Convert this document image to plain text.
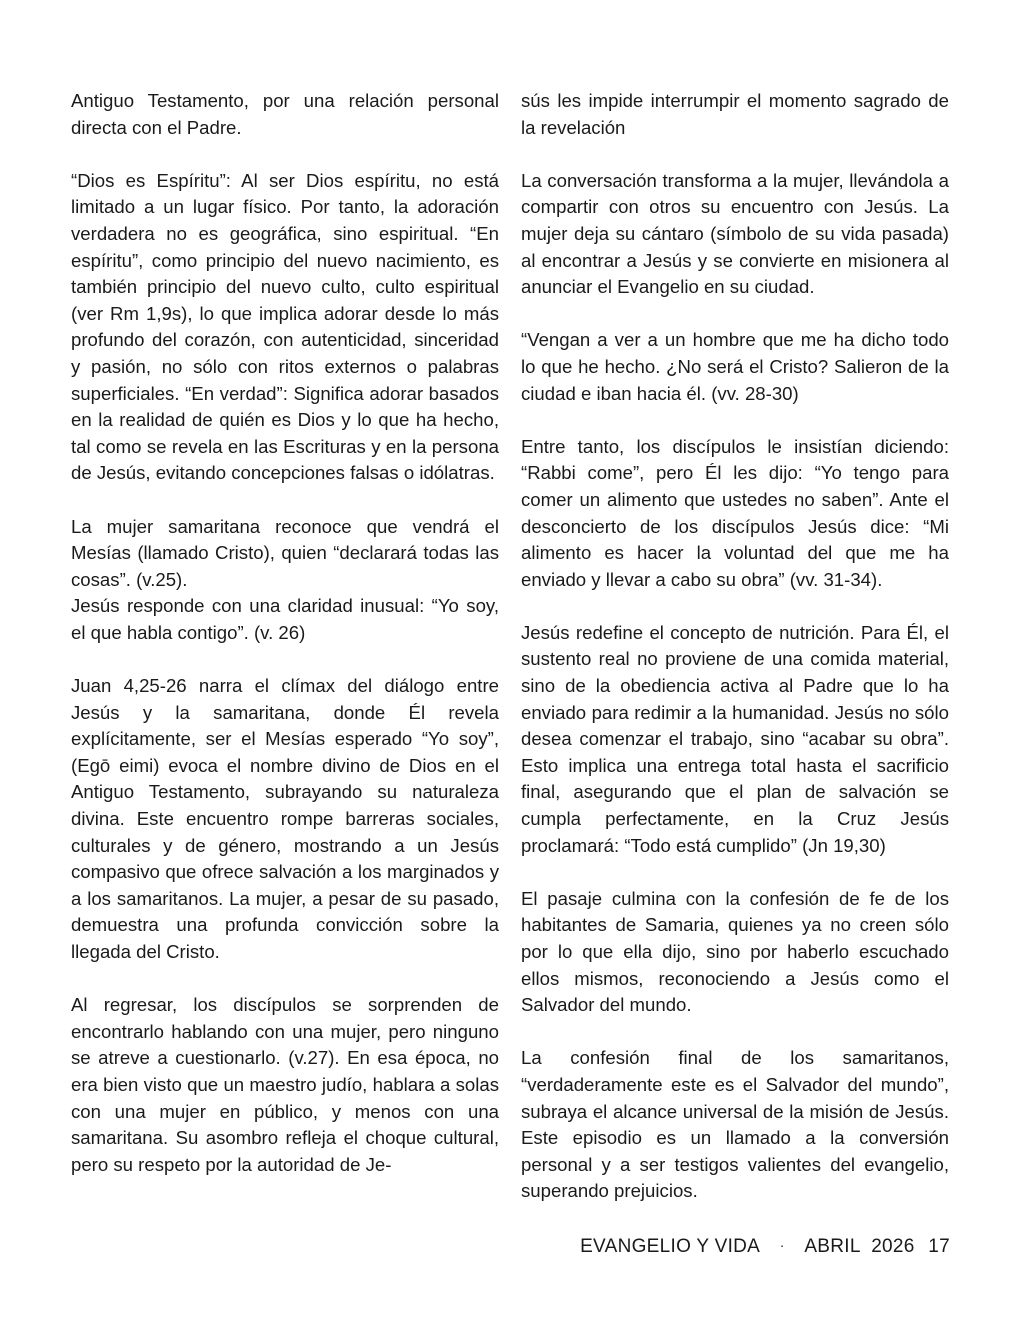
Antiguo Testamento, por una relación personal directa con el Padre.

“Dios es Espíritu”: Al ser Dios espíritu, no está limitado a un lugar físico. Por tanto, la adoración verdadera no es geográfica, sino espiritual. “En espíritu”, como principio del nuevo nacimiento, es también principio del nuevo culto, culto espiritual (ver Rm 1,9s), lo que implica adorar desde lo más profundo del corazón, con autenticidad, sinceridad y pasión, no sólo con ritos externos o palabras superficiales. “En verdad”: Significa adorar basados en la realidad de quién es Dios y lo que ha hecho, tal como se revela en las Escrituras y en la persona de Jesús, evitando concepciones falsas o idólatras.

La mujer samaritana reconoce que vendrá el Mesías (llamado Cristo), quien “declarará todas las cosas”. (v.25).

Jesús responde con una claridad inusual: “Yo soy, el que habla contigo”. (v. 26)

Juan 4,25-26 narra el clímax del diálogo entre Jesús y la samaritana, donde Él revela explícitamente, ser el Mesías esperado “Yo soy”, (Egō eimi) evoca el nombre divino de Dios en el Antiguo Testamento, subrayando su naturaleza divina. Este encuentro rompe barreras sociales, culturales y de género, mostrando a un Jesús compasivo que ofrece salvación a los marginados y a los samaritanos. La mujer, a pesar de su pasado, demuestra una profunda convicción sobre la llegada del Cristo.

Al regresar, los discípulos se sorprenden de encontrarlo hablando con una mujer, pero ninguno se atreve a cuestionarlo. (v.27). En esa época, no era bien visto que un maestro judío, hablara a solas con una mujer en público, y menos con una samaritana. Su asombro refleja el choque cultural, pero su respeto por la autoridad de Je-

sús les impide interrumpir el momento sagrado de la revelación

La conversación transforma a la mujer, llevándola a compartir con otros su encuentro con Jesús. La mujer deja su cántaro (símbolo de su vida pasada) al encontrar a Jesús y se convierte en misionera al anunciar el Evangelio en su ciudad.

“Vengan a ver a un hombre que me ha dicho todo lo que he hecho. ¿No será el Cristo? Salieron de la ciudad e iban hacia él. (vv. 28-30)

Entre tanto, los discípulos le insistían diciendo: “Rabbi come”, pero Él les dijo: “Yo tengo para comer un alimento que ustedes no saben”. Ante el desconcierto de los discípulos Jesús dice: “Mi alimento es hacer la voluntad del que me ha enviado y llevar a cabo su obra” (vv. 31-34).

Jesús redefine el concepto de nutrición. Para Él, el sustento real no proviene de una comida material, sino de la obediencia activa al Padre que lo ha enviado para redimir a la humanidad. Jesús no sólo desea comenzar el trabajo, sino “acabar su obra”. Esto implica una entrega total hasta el sacrificio final, asegurando que el plan de salvación se cumpla perfectamente, en la Cruz Jesús proclamará: “Todo está cumplido” (Jn 19,30)

El pasaje culmina con la confesión de fe de los habitantes de Samaria, quienes ya no creen sólo por lo que ella dijo, sino por haberlo escuchado ellos mismos, reconociendo a Jesús como el Salvador del mundo.

La confesión final de los samaritanos, “verdaderamente este es el Salvador del mundo”, subraya el alcance universal de la misión de Jesús. Este episodio es un llamado a la conversión personal y a ser testigos valientes del evangelio, superando prejuicios.

EVANGELIO Y VIDA · ABRIL  2026 17
